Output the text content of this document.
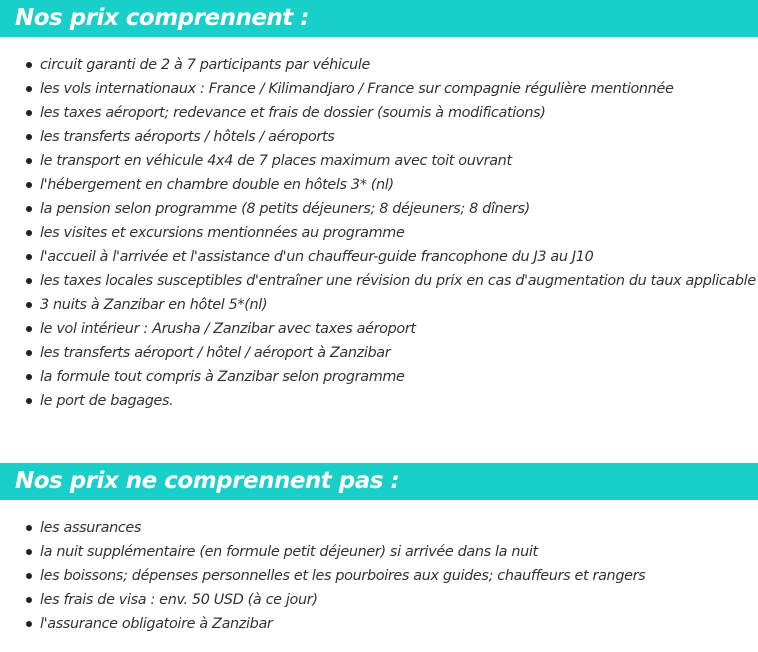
Nos prix comprennent :
circuit garanti de 2 à 7 participants par véhicule
les vols internationaux : France / Kilimandjaro / France sur compagnie régulière mentionnée
les taxes aéroport; redevance et frais de dossier (soumis à modifications)
les transferts aéroports / hôtels / aéroports
le transport en véhicule 4x4 de 7 places maximum avec toit ouvrant
l'hébergement en chambre double en hôtels 3* (nl)
la pension selon programme (8 petits déjeuners; 8 déjeuners; 8 dîners)
les visites et excursions mentionnées au programme
l'accueil à l'arrivée et l'assistance d'un chauffeur-guide francophone du J3 au J10
les taxes locales susceptibles d'entraîner une révision du prix en cas d'augmentation du taux applicable
3 nuits à Zanzibar en hôtel 5*(nl)
le vol intérieur : Arusha / Zanzibar avec taxes aéroport
les transferts aéroport / hôtel / aéroport à Zanzibar
la formule tout compris à Zanzibar selon programme
le port de bagages.
Nos prix ne comprennent pas :
les assurances
la nuit supplémentaire (en formule petit déjeuner) si arrivée dans la nuit
les boissons; dépenses personnelles et les pourboires aux guides; chauffeurs et rangers
les frais de visa : env. 50 USD (à ce jour)
l'assurance obligatoire à Zanzibar
